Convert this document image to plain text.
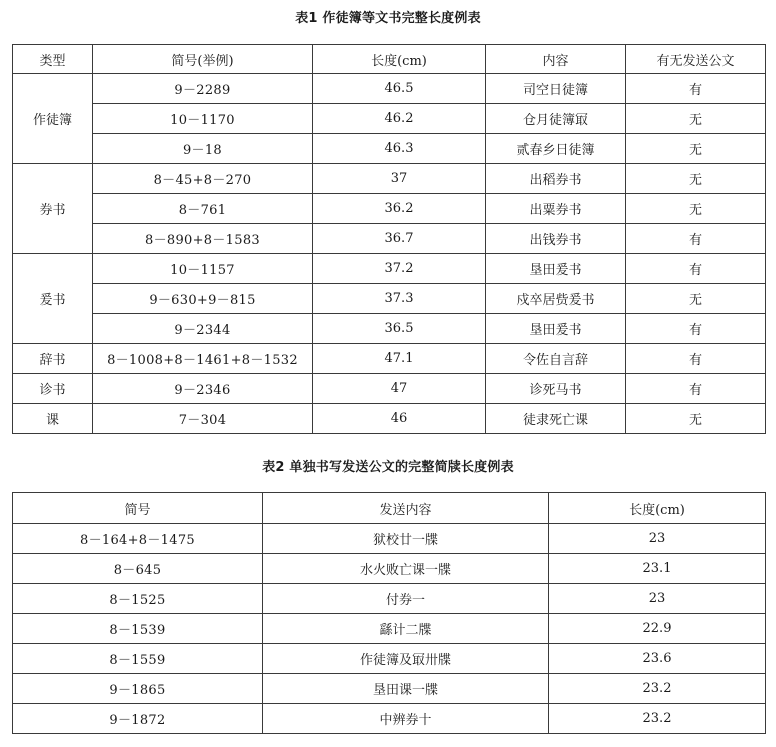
表1 作徒簿等文书完整长度例表
类型	简号(举例)	长度(cm)	内容	有无发送公文
作徒簿	9－2289	46.5	司空日徒簿	有
	10－1170	46.2	仓月徒簿冣	无
	9－18	46.3	贰春乡日徒簿	无
券书	8－45+8－270	37	出稻券书	无
	8－761	36.2	出粟券书	无
	8－890+8－1583	36.7	出钱券书	有
爰书	10－1157	37.2	垦田爰书	有
	9－630+9－815	37.3	戍卒居赀爰书	无
	9－2344	36.5	垦田爰书	有
辞书	8－1008+8－1461+8－1532	47.1	令佐自言辞	有
诊书	9－2346	47	诊死马书	有
课	7－304	46	徒隶死亡课	无
表2 单独书写发送公文的完整简牍长度例表
简号	发送内容	长度(cm)
8－164+8－1475	狱校廿一牒	23
8－645	水火败亡课一牒	23.1
8－1525	付券一	23
8－1539	繇计二牒	22.9
8－1559	作徒簿及冣卅牒	23.6
9－1865	垦田课一牒	23.2
9－1872	中辨券十	23.2
